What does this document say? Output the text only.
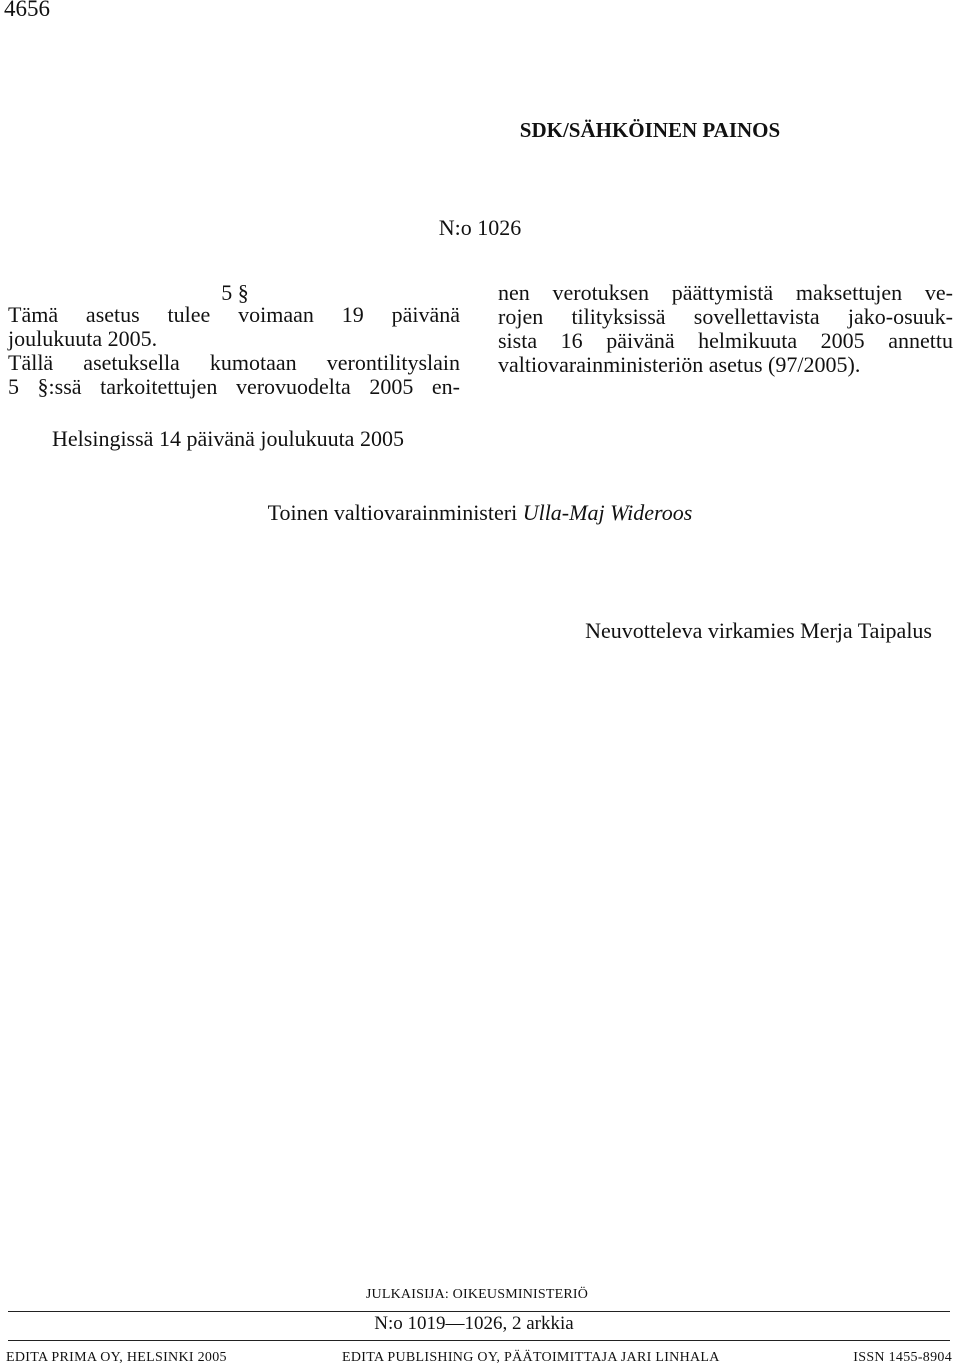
4656
SDK/SÄHKÖINEN PAINOS
N:o 1026
5 §
Tämä asetus tulee voimaan 19 päivänä
joulukuuta 2005.
Tällä asetuksella kumotaan verontilityslain
5 §:ssä tarkoitettujen verovuodelta 2005 en-
nen verotuksen päättymistä maksettujen ve-
rojen tilityksissä sovellettavista jako-osuuk-
sista 16 päivänä helmikuuta 2005 annettu
valtiovarainministeriön asetus (97/2005).
Helsingissä 14 päivänä joulukuuta 2005
Toinen valtiovarainministeri Ulla-Maj Wideroos
Neuvotteleva virkamies Merja Taipalus
JULKAISIJA: OIKEUSMINISTERIÖ
N:o 1019—1026, 2 arkkia
EDITA PRIMA OY, HELSINKI 2005	EDITA PUBLISHING OY, PÄÄTOIMITTAJA JARI LINHALA	ISSN 1455-8904
